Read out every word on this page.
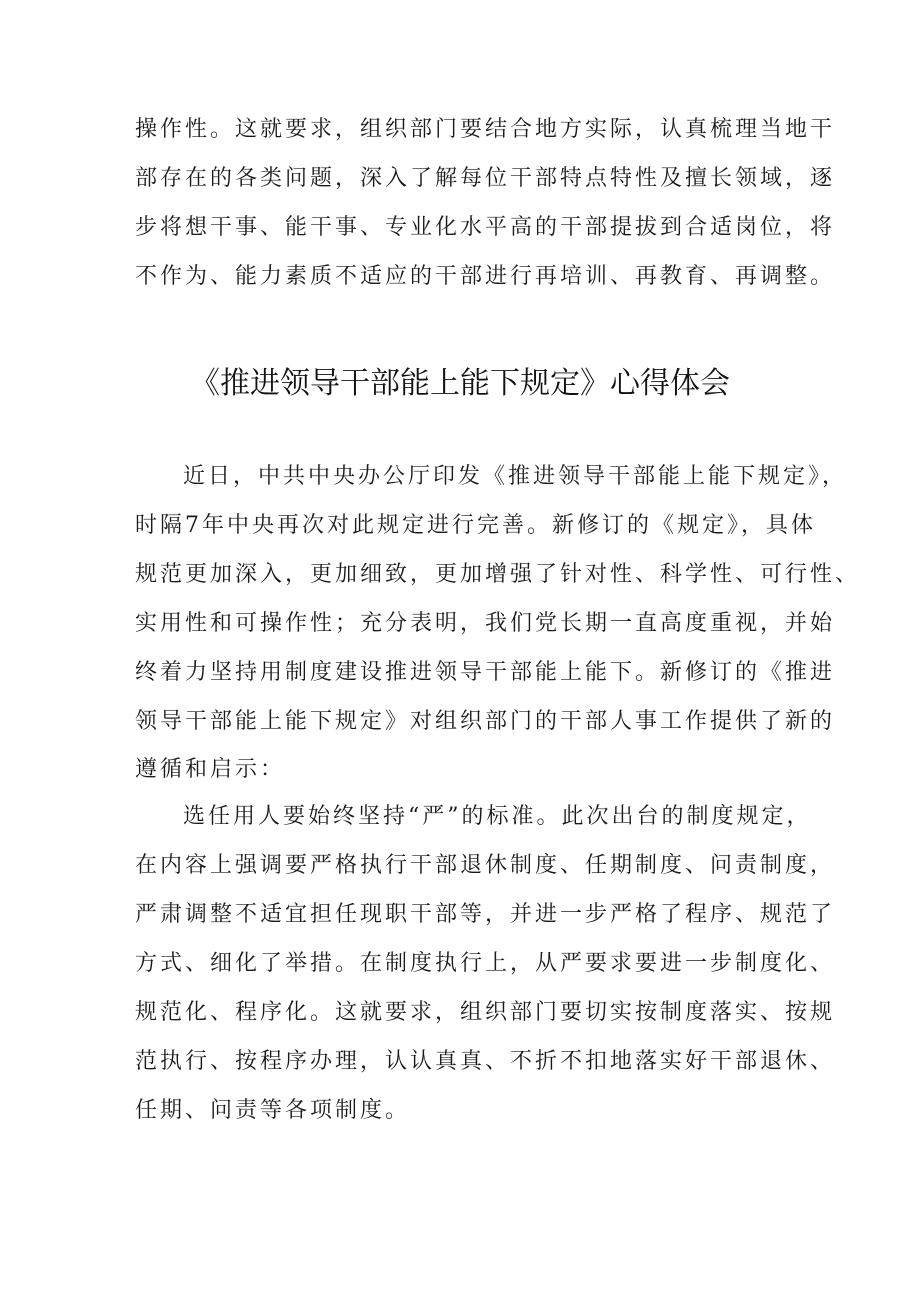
操作性。这就要求，组织部门要结合地方实际，认真梳理当地干
部存在的各类问题，深入了解每位干部特点特性及擅长领域，逐
步将想干事、能干事、专业化水平高的干部提拔到合适岗位，将
不作为、能力素质不适应的干部进行再培训、再教育、再调整。
《推进领导干部能上能下规定》心得体会
近日，中共中央办公厅印发《推进领导干部能上能下规定》，
时隔7年中央再次对此规定进行完善。新修订的《规定》，具体
规范更加深入，更加细致，更加增强了针对性、科学性、可行性、
实用性和可操作性；充分表明，我们党长期一直高度重视，并始
终着力坚持用制度建设推进领导干部能上能下。新修订的《推进
领导干部能上能下规定》对组织部门的干部人事工作提供了新的
遵循和启示：
选任用人要始终坚持“严”的标准。此次出台的制度规定，
在内容上强调要严格执行干部退休制度、任期制度、问责制度，
严肃调整不适宜担任现职干部等，并进一步严格了程序、规范了
方式、细化了举措。在制度执行上，从严要求要进一步制度化、
规范化、程序化。这就要求，组织部门要切实按制度落实、按规
范执行、按程序办理，认认真真、不折不扣地落实好干部退休、
任期、问责等各项制度。
